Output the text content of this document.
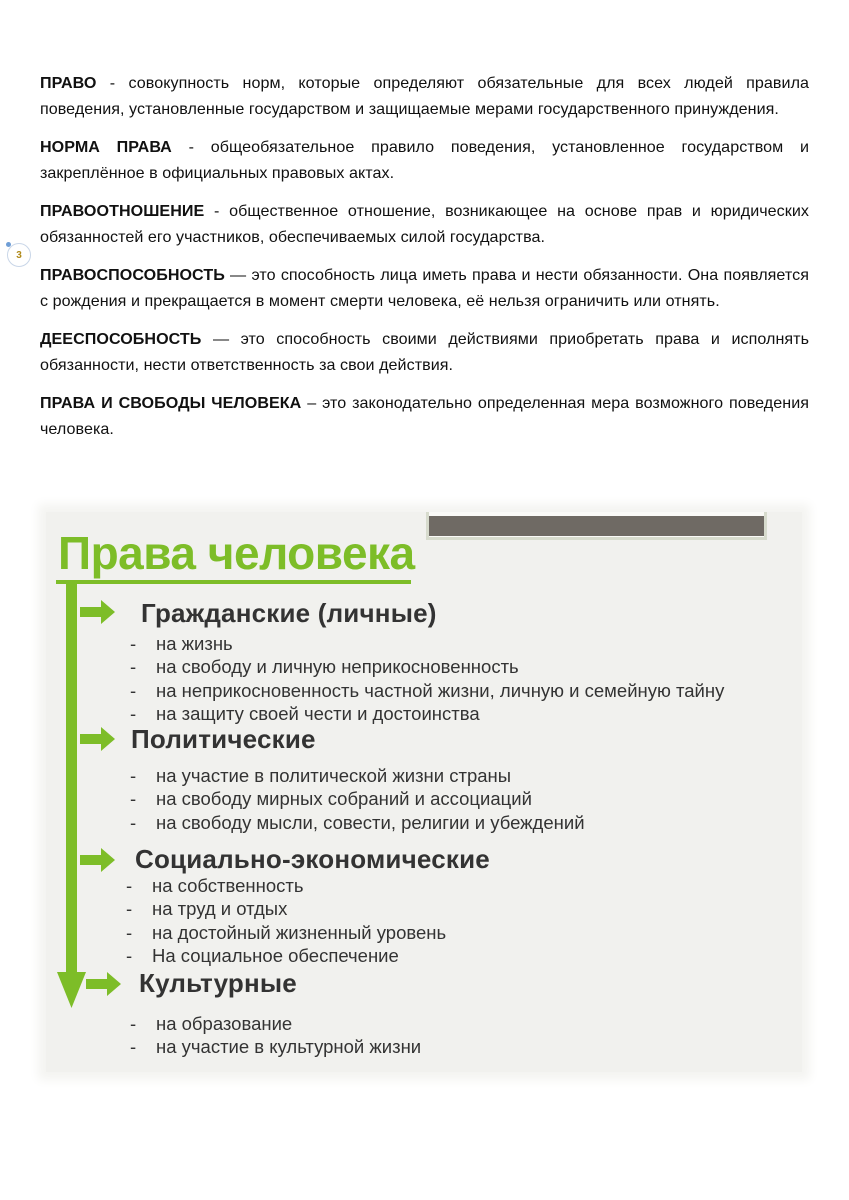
3

ПРАВО - совокупность норм, которые определяют обязательные для всех людей правила поведения, установленные государством и защищаемые мерами государственного принуждения.

НОРМА ПРАВА - общеобязательное правило поведения, установленное государством и закреплённое в официальных правовых актах.

ПРАВООТНОШЕНИЕ - общественное отношение, возникающее на основе прав и юридических обязанностей его участников, обеспечиваемых силой государства.

ПРАВОСПОСОБНОСТЬ — это способность лица иметь права и нести обязанности. Она появляется с рождения и прекращается в момент смерти человека, её нельзя ограничить или отнять.

ДЕЕСПОСОБНОСТЬ — это способность своими действиями приобретать права и исполнять обязанности, нести ответственность за свои действия.

ПРАВА И СВОБОДЫ ЧЕЛОВЕКА – это законодательно определенная мера возможного поведения человека.

Права человека
Гражданские (личные)
- на жизнь
- на свободу и личную неприкосновенность
- на неприкосновенность частной жизни, личную и семейную тайну
- на защиту своей чести и достоинства
Политические
- на участие в политической жизни страны
- на свободу мирных собраний и ассоциаций
- на свободу мысли, совести, религии и убеждений
Социально-экономические
- на собственность
- на труд и отдых
- на достойный жизненный уровень
- На социальное обеспечение
Культурные
- на образование
- на участие в культурной жизни
